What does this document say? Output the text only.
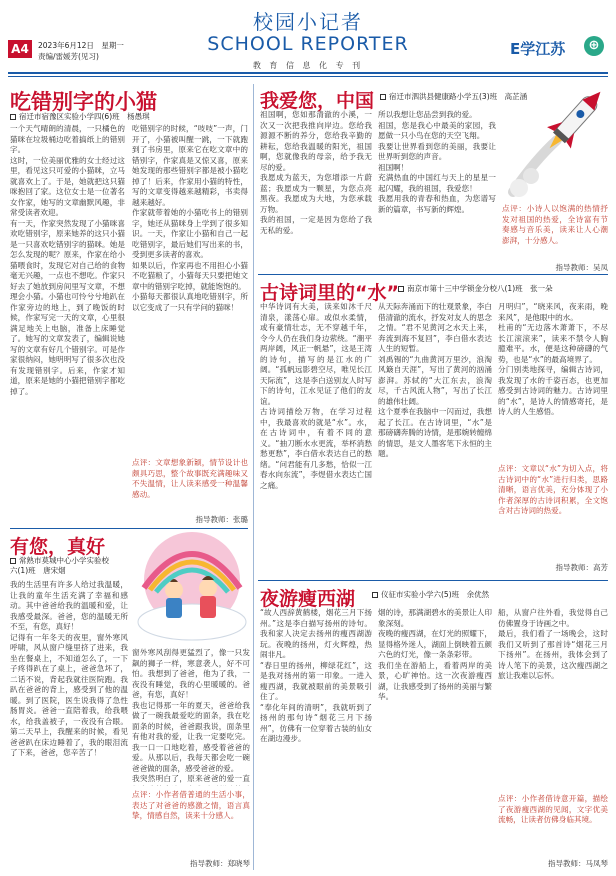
A4	2023年6月12日　星期一
责编/雷媛芳(见习)
校园小记者
SCHOOL REPORTER
教 育 信 息 化 专 刊
E学江苏	⊕
吃错别字的小猫
宿迁市宿豫区实验小学四(6)班　杨愚琪
一个天气晴朗的清晨，一只橘色的猫咪在垃圾桶边吃着搞纸上的错别字。
这时，一位美丽优雅的女士经过这里，看见这只可爱的小猫咪，立马就喜欢上了。于是，她就把这只猫咪抱回了家。这位女士是一位著名女作家，她写的文章幽默风趣，非常受读者欢迎。
有一天，作家突然发现了小猫咪喜欢吃错别字，原来她养的这只小猫是一只喜欢吃错别字的猫咪。她是怎么发现的呢？原来，作家在给小猫喂食时，发现它对自己给的食物毫无兴趣，一点也不想吃。作家只好去了她放到房间里写文章，不想理会小猫。小猫也可怜兮兮地趴在作家旁边的地上，到了晚饭的时候，作家写完一天的文章，心里很满足地关上电脑，准备上床睡觉了。她写的文章发表了，编辑说她写的文章有好几个错别字。可是作家很纳闷，她明明写了很多次也没有发现错别字。后来，作家才知道，原来是她的小猫把错别字都吃掉了。
吃错别字的时候，“吱吱”一声，门开了，小猫被叫醒一跳，一下就跑到了书房里，原来它在吃文章中的错别字，作家真是又惊又喜，原来她发现的那些错别字都是被小猫吃掉了！后来，作家用小猫的特性，写的文章变得越来越精彩，书卖得越来越好。
作家就带着她的小猫吃书上的错别字，她还从猫咪身上学到了很多知识。一天，作家让小猫和自己一起吃错别字，最后她们写出来的书，受到更多读者的喜欢。
如果以后，作家再也不用担心小猫不吃猫粮了，小猫每天只要把她文章中的错别字吃掉，就能饱饱的。
小猫每天都很认真地吃错别字，所以它变成了一只有学问的猫咪！
点评：文章想象新颖，情节设计也颇具巧思，整个故事既充满趣味又不失温情，让人读来感受一种温馨感动。
指导教师：张璐
有您，真好
常熟市莫城中心小学实验校
六(1)班　唐宋烟
我的生活里有许多人给过我温暖，让我的童年生活充满了幸福和感动。其中爸爸给我的温暖和爱，让我感受最深。爸爸，您的温暖无所不至，有您，真好！
记得有一年冬天的夜里，窗外寒风呼啸，风从窗户缝里挤了进来，我坐在餐桌上，不知道怎么了，一下子疼得趴在了桌上，爸爸急坏了，二话不说，背起我就往医院跑。我趴在爸爸的背上，感受到了他的温暖。到了医院，医生说我得了急性肠胃炎。爸爸一直陪着我，给我喂水，给我盖被子，一夜没有合眼。第二天早上，我醒来的时候，看见爸爸趴在床边睡着了，我的眼泪流了下来，爸爸，您辛苦了！
窗外寒风刮得更猛烈了，像一只发飙的狮子一样，寒意袭人，好不可怕。我想到了爸爸，他为了我，一夜没有睡觉，我的心里暖暖的。爸爸，有您，真好！
我也记得那一年的夏天，爸爸给我做了一碗我最爱吃的面条，我在吃面条的时候，爸爸跟我说，面条里有他对我的爱，让我一定要吃完。我一口一口地吃着，感受着爸爸的爱。从那以后，我每天都会吃一碗爸爸做的面条，感受爸爸的爱。
我突然明白了，原来爸爸的爱一直
点评：小作者借普通的生活小事，表达了对爸爸的感激之情，语言真挚，情感自然，读来十分感人。
指导教师：郑晓琴
我爱您，中国	宿迁市泗洪县健康路小学五(3)班　高芷涵
祖国啊，您如那清澈的小溪，一次又一次把我推向岸边。您给我源源不断的养分，您给我辛勤的耕耘，您给我温暖的阳光，祖国啊，您就像我的母亲，给予我无尽的爱。
我愿成为蓝天，为您增添一片蔚蓝；我愿成为一颗星，为您点亮黑夜。我愿成为大地，为您承载万物。
我的祖国，一定是因为您给了我无私的爱。
所以我想让您品尝到我的爱。
祖国，您是我心中最美的家园，我愿做一只小鸟在您的天空飞翔。
我要让世界看到您的美丽，我要让世界听到您的声音。
祖国啊！
充满热血的中国红与天上的星星一起闪耀，我的祖国，我爱您！
我愿用我的青春和热血，为您谱写新的篇章，书写新的辉煌。	点评：小诗人以饱满的热情抒发对祖国的热爱，全诗富有节奏感与音乐美，读来让人心潮澎湃，十分感人。
指导教师：吴凤
古诗词里的“水”	南京市第十三中学锁金分校八(1)班　张一朵
中华诗词有大美，读来如沐千尺清泉，漾荡心扉。或似水柔情，或有豪情壮志，无不穿越千年，令今人仍在我们身边萦绕。“潮平两岸阔，风正一帆悬”，这是王湾的诗句，描写的是江水的广阔。“孤帆远影碧空尽，唯见长江天际流”，这是李白送别友人时写下的诗句，江水见证了他们的友谊。
古诗词描绘万物，在学习过程中，我最喜欢的就是“水”。水，在古诗词中，有着不同的意义。“抽刀断水水更流，举杯消愁愁更愁”，李白借水表达自己的愁绪。“问君能有几多愁，恰似一江春水向东流”，李煜借水表达亡国之痛。
从天际奔涌而下的壮观景象，李白借清澈的流水，抒发对友人的思念之情。“君不见黄河之水天上来，奔流到海不复回”，李白借水表达人生的短暂。
刘禹锡的“九曲黄河万里沙，浪淘风簸自天涯”，写出了黄河的汹涌澎湃。苏轼的“大江东去，浪淘尽，千古风流人物”，写出了长江的雄伟壮阔。
这个夏季在我脑中一闪而过，我想起了长江。在古诗词里，“水”是那磅礴奔腾的诗情，是那婉转缠绵的情思，是文人墨客笔下永恒的主题。
月明归”，“晓来风，夜来雨，晚来风”，是他眼中的水。
杜甫的“无边落木萧萧下，不尽长江滚滚来”，读来不禁令人胸臆难平。水，便是这种磅礴的气势，也是“水”的最高境界了。
分门别类地探寻，编辑古诗词，我发现了水的千姿百态，也更加感受到古诗词的魅力。古诗词里的“水”，是诗人的情感寄托，是诗人的人生感悟。
点评：文章以“水”为切入点，将古诗词中的“水”进行归类，思路清晰，语言优美，充分体现了小作者深厚的古诗词积累，全文饱含对古诗词的热爱。
指导教师：高芳
夜游瘦西湖	仪征市实验小学六(5)班　余优然
“故人西辞黄鹤楼，烟花三月下扬州。”这是李白描写扬州的诗句。我和家人决定去扬州的瘦西湖游玩。夜晚的扬州，灯火辉煌，热闹非凡。
“春日里的扬州，柳绿花红”，这是我对扬州的第一印象。一进入瘦西湖，我就被眼前的美景吸引住了。
“奉化年间的清明”，我就听到了扬州的那句诗“烟花三月下扬州”，仿佛有一位穿着古装的仙女在湖边漫步。
烟的诗，那满湖碧水的美景让人印象深刻。
夜晚的瘦西湖，在灯光的照耀下，显得格外迷人，湖面上倒映着五颜六色的灯光，像一条条彩带。
我们坐在游船上，看着两岸的美景，心旷神怡。这一次夜游瘦西湖，让我感受到了扬州的美丽与繁华。
船，从窗户往外看，我觉得自己仿佛置身于诗画之中。
最后，我们看了一场晚会，这时我们又听到了那首诗“烟花三月下扬州”。在扬州，我体会到了诗人笔下的美景，这次瘦西湖之旅让我难以忘怀。
点评：小作者借诗意开篇，描绘了夜游瘦西湖的见闻，文字优美流畅，让读者仿佛身临其境。
指导教师：马凤琴
